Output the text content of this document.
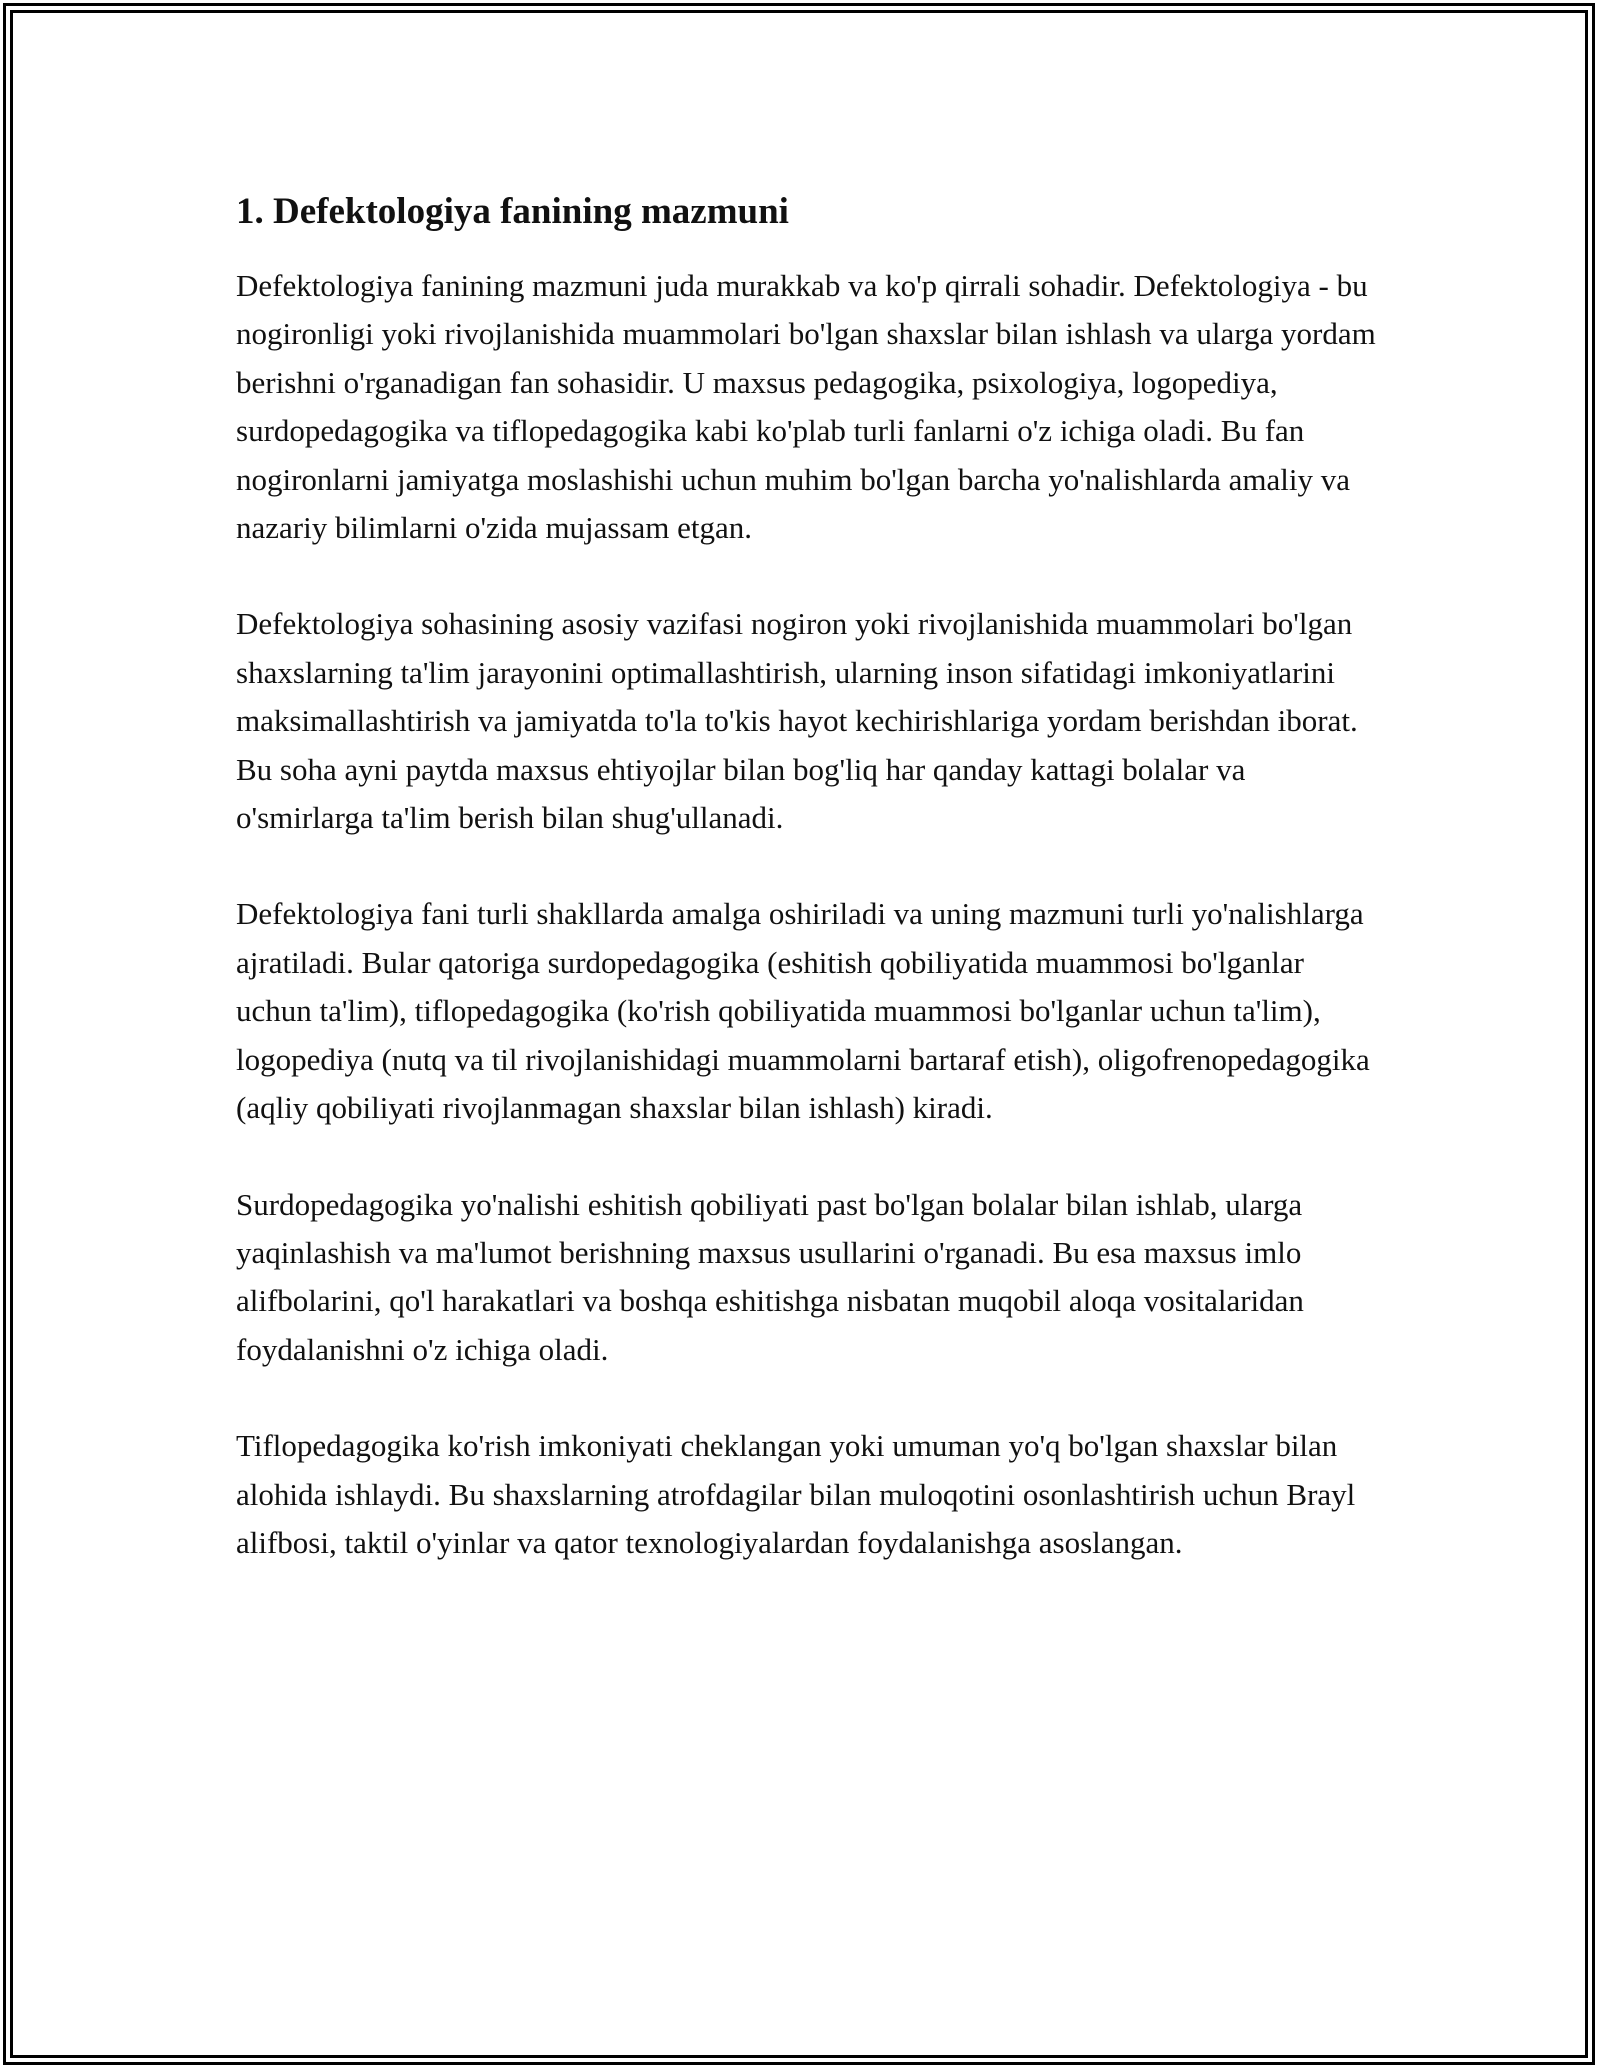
1. Defektologiya fanining mazmuni

Defektologiya fanining mazmuni juda murakkab va ko'p qirrali sohadir. Defektologiya - bu nogironligi yoki rivojlanishida muammolari bo'lgan shaxslar bilan ishlash va ularga yordam berishni o'rganadigan fan sohasidir. U maxsus pedagogika, psixologiya, logopediya, surdopedagogika va tiflopedagogika kabi ko'plab turli fanlarni o'z ichiga oladi. Bu fan nogironlarni jamiyatga moslashishi uchun muhim bo'lgan barcha yo'nalishlarda amaliy va nazariy bilimlarni o'zida mujassam etgan.

Defektologiya sohasining asosiy vazifasi nogiron yoki rivojlanishida muammolari bo'lgan shaxslarning ta'lim jarayonini optimallashtirish, ularning inson sifatidagi imkoniyatlarini maksimallashtirish va jamiyatda to'la to'kis hayot kechirishlariga yordam berishdan iborat. Bu soha ayni paytda maxsus ehtiyojlar bilan bog'liq har qanday kattagi bolalar va o'smirlarga ta'lim berish bilan shug'ullanadi.

Defektologiya fani turli shakllarda amalga oshiriladi va uning mazmuni turli yo'nalishlarga ajratiladi. Bular qatoriga surdopedagogika (eshitish qobiliyatida muammosi bo'lganlar uchun ta'lim), tiflopedagogika (ko'rish qobiliyatida muammosi bo'lganlar uchun ta'lim), logopediya (nutq va til rivojlanishidagi muammolarni bartaraf etish), oligofrenopedagogika (aqliy qobiliyati rivojlanmagan shaxslar bilan ishlash) kiradi.

Surdopedagogika yo'nalishi eshitish qobiliyati past bo'lgan bolalar bilan ishlab, ularga yaqinlashish va ma'lumot berishning maxsus usullarini o'rganadi. Bu esa maxsus imlo alifbolarini, qo'l harakatlari va boshqa eshitishga nisbatan muqobil aloqa vositalaridan foydalanishni o'z ichiga oladi.

Tiflopedagogika ko'rish imkoniyati cheklangan yoki umuman yo'q bo'lgan shaxslar bilan alohida ishlaydi. Bu shaxslarning atrofdagilar bilan muloqotini osonlashtirish uchun Brayl alifbosi, taktil o'yinlar va qator texnologiyalardan foydalanishga asoslangan.
